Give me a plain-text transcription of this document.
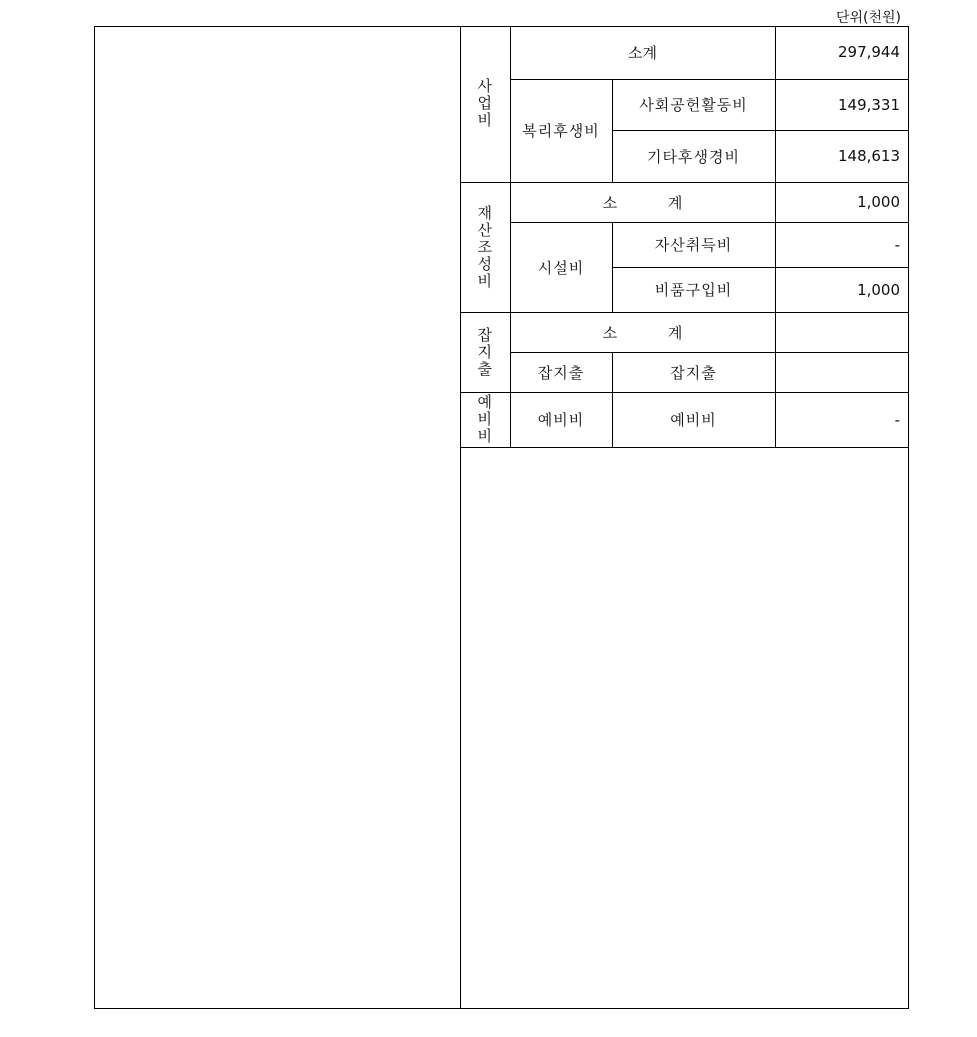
단위(천원)
사
업
비	소계		297,944
	복리후생비	사회공헌활동비	149,331
		기타후생경비	148,613

재
산
조
성
비	소 계		1,000
	시설비	자산취득비	-
		비품구입비	1,000

잡
지
출	소 계		
	잡지출	잡지출	

예
비
비	예비비	예비비	-
